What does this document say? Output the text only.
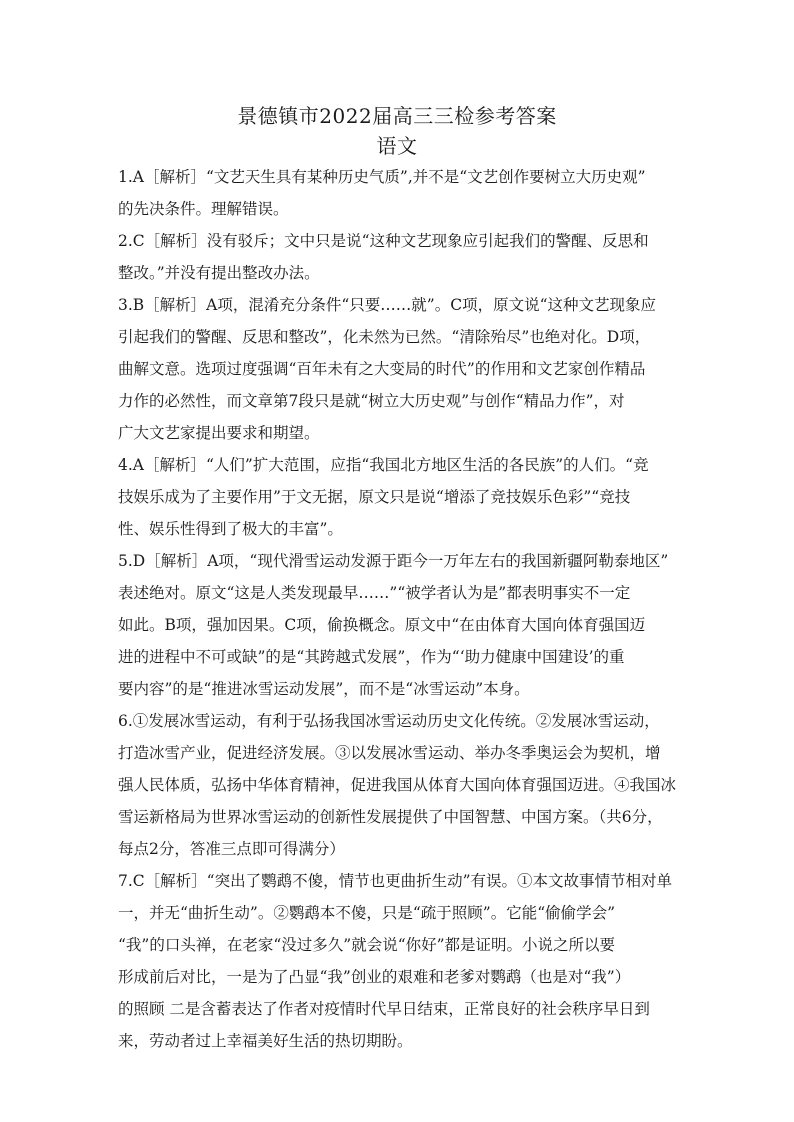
景德镇市2022届高三三检参考答案
语文
1.A［解析］“文艺天生具有某种历史气质”,并不是“文艺创作要树立大历史观”
的先决条件。理解错误。
2.C［解析］没有驳斥；文中只是说“这种文艺现象应引起我们的警醒、反思和
整改。”并没有提出整改办法。
3.B［解析］A项，混淆充分条件“只要……就”。C项，原文说“这种文艺现象应
引起我们的警醒、反思和整改”，化未然为已然。“清除殆尽”也绝对化。D项，
曲解文意。选项过度强调“百年未有之大变局的时代”的作用和文艺家创作精品
力作的必然性，而文章第7段只是就“树立大历史观”与创作“精品力作”，对
广大文艺家提出要求和期望。
4.A［解析］“人们”扩大范围，应指“我国北方地区生活的各民族”的人们。“竞
技娱乐成为了主要作用”于文无据，原文只是说“增添了竞技娱乐色彩”“竞技
性、娱乐性得到了极大的丰富”。
5.D［解析］A项，“现代滑雪运动发源于距今一万年左右的我国新疆阿勒泰地区”
表述绝对。原文“这是人类发现最早……”“被学者认为是”都表明事实不一定
如此。B项，强加因果。C项，偷换概念。原文中“在由体育大国向体育强国迈
进的进程中不可或缺”的是“其跨越式发展”，作为“‘助力健康中国建设’的重
要内容”的是“推进冰雪运动发展”，而不是“冰雪运动”本身。
6.①发展冰雪运动，有利于弘扬我国冰雪运动历史文化传统。②发展冰雪运动，
打造冰雪产业，促进经济发展。③以发展冰雪运动、举办冬季奥运会为契机，增
强人民体质，弘扬中华体育精神，促进我国从体育大国向体育强国迈进。④我国冰
雪运新格局为世界冰雪运动的创新性发展提供了中国智慧、中国方案。（共6分，
每点2分，答准三点即可得满分）
7.C［解析］“突出了鹦鹉不傻，情节也更曲折生动”有误。①本文故事情节相对单
一，并无“曲折生动”。②鹦鹉本不傻，只是“疏于照顾”。它能“偷偷学会”
“我”的口头禅，在老家“没过多久”就会说“你好”都是证明。小说之所以要
形成前后对比，一是为了凸显“我”创业的艰难和老爹对鹦鹉（也是对“我”）
的照顾 二是含蓄表达了作者对疫情时代早日结束，正常良好的社会秩序早日到
来，劳动者过上幸福美好生活的热切期盼。
